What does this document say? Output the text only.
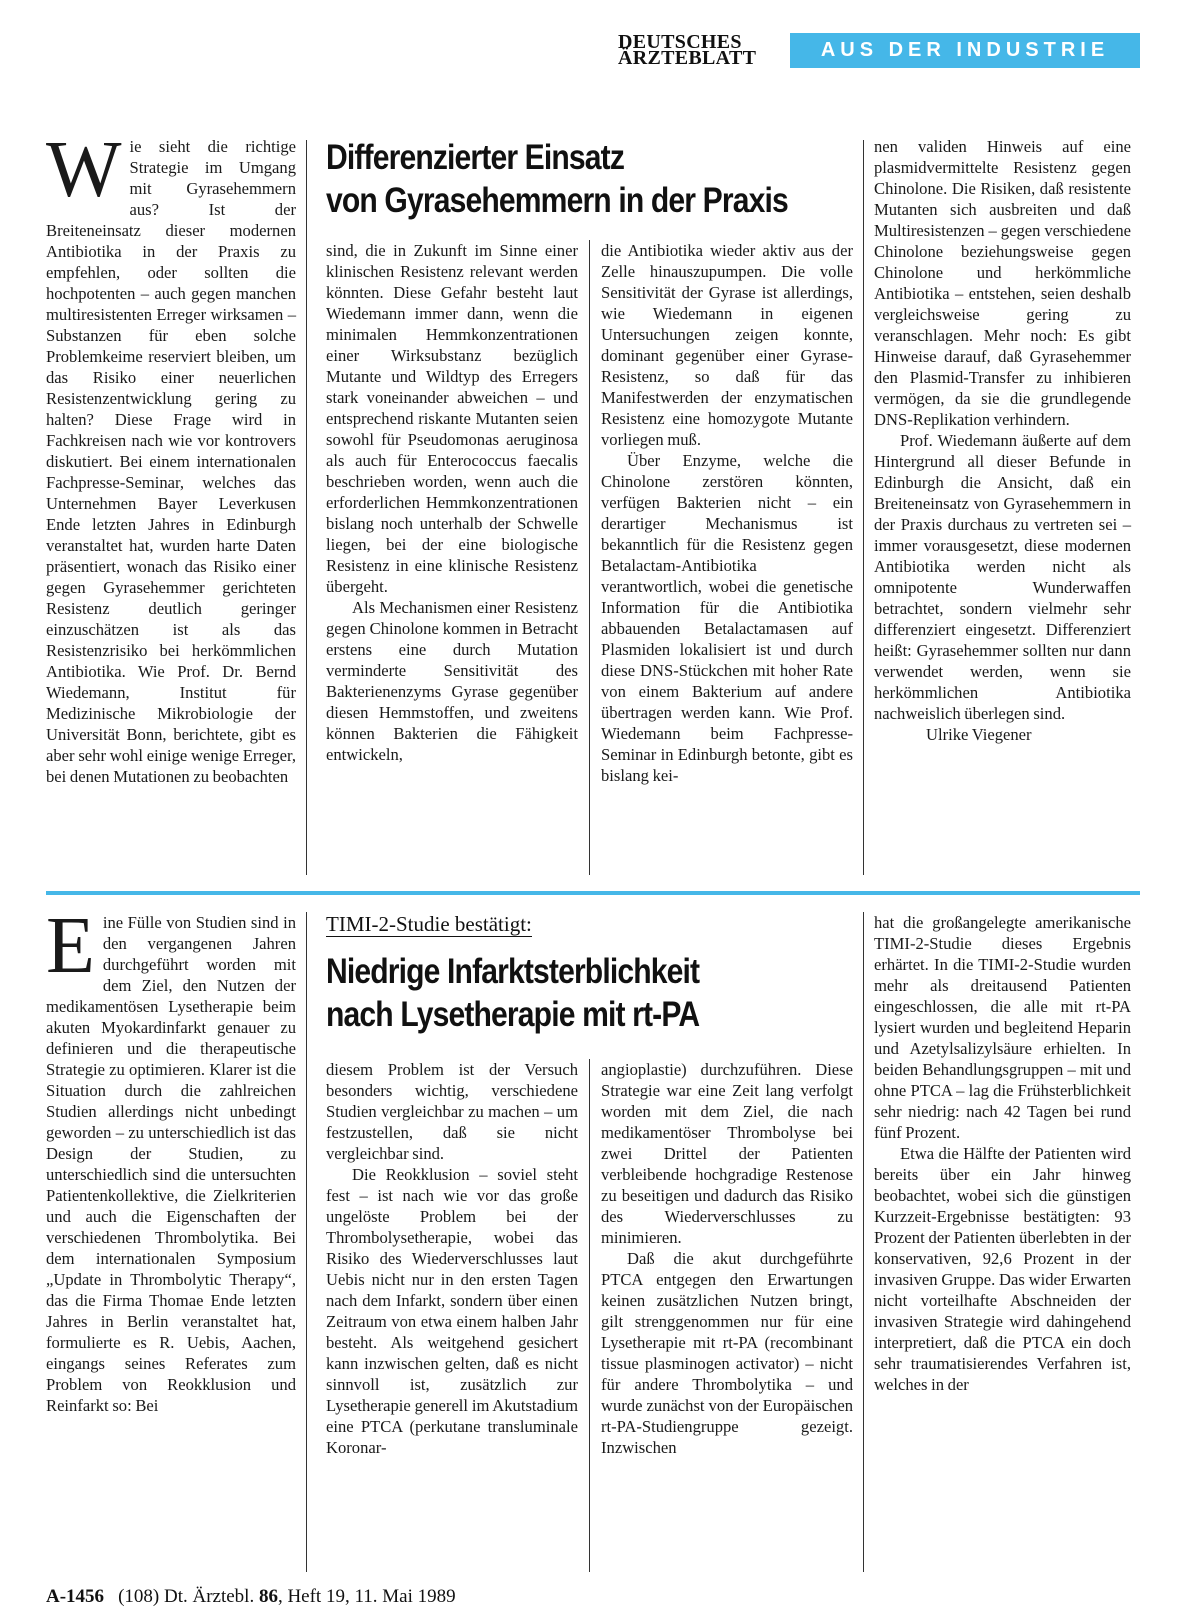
DEUTSCHES
ÄRZTEBLATT	AUS DER INDUSTRIE
Wie sieht die richtige Strategie im Umgang mit Gyrasehemmern aus? Ist der Breiteneinsatz dieser modernen Antibiotika in der Praxis zu empfehlen, oder sollten die hochpotenten – auch gegen manchen multiresistenten Erreger wirksamen – Substanzen für eben solche Problemkeime reserviert bleiben, um das Risiko einer neuerlichen Resistenzentwicklung gering zu halten? Diese Frage wird in Fachkreisen nach wie vor kontrovers diskutiert. Bei einem internationalen Fachpresse-Seminar, welches das Unternehmen Bayer Leverkusen Ende letzten Jahres in Edinburgh veranstaltet hat, wurden harte Daten präsentiert, wonach das Risiko einer gegen Gyrasehemmer gerichteten Resistenz deutlich geringer einzuschätzen ist als das Resistenzrisiko bei herkömmlichen Antibiotika. Wie Prof. Dr. Bernd Wiedemann, Institut für Medizinische Mikrobiologie der Universität Bonn, berichtete, gibt es aber sehr wohl einige wenige Erreger, bei denen Mutationen zu beobachten
Differenzierter Einsatz
von Gyrasehemmern in der Praxis

sind, die in Zukunft im Sinne einer klinischen Resistenz relevant werden könnten. Diese Gefahr besteht laut Wiedemann immer dann, wenn die minimalen Hemmkonzentrationen einer Wirksubstanz bezüglich Mutante und Wildtyp des Erregers stark voneinander abweichen – und entsprechend riskante Mutanten seien sowohl für Pseudomonas aeruginosa als auch für Enterococcus faecalis beschrieben worden, wenn auch die erforderlichen Hemmkonzentrationen bislang noch unterhalb der Schwelle liegen, bei der eine biologische Resistenz in eine klinische Resistenz übergeht.

Als Mechanismen einer Resistenz gegen Chinolone kommen in Betracht erstens eine durch Mutation verminderte Sensitivität des Bakterienenzyms Gyrase gegenüber diesen Hemmstoffen, und zweitens können Bakterien die Fähigkeit entwickeln,

die Antibiotika wieder aktiv aus der Zelle hinauszupumpen. Die volle Sensitivität der Gyrase ist allerdings, wie Wiedemann in eigenen Untersuchungen zeigen konnte, dominant gegenüber einer Gyrase-Resistenz, so daß für das Manifestwerden der enzymatischen Resistenz eine homozygote Mutante vorliegen muß.

Über Enzyme, welche die Chinolone zerstören könnten, verfügen Bakterien nicht – ein derartiger Mechanismus ist bekanntlich für die Resistenz gegen Betalactam-Antibiotika verantwortlich, wobei die genetische Information für die Antibiotika abbauenden Betalactamasen auf Plasmiden lokalisiert ist und durch diese DNS-Stückchen mit hoher Rate von einem Bakterium auf andere übertragen werden kann. Wie Prof. Wiedemann beim Fachpresse-Seminar in Edinburgh betonte, gibt es bislang kei-

nen validen Hinweis auf eine plasmidvermittelte Resistenz gegen Chinolone. Die Risiken, daß resistente Mutanten sich ausbreiten und daß Multiresistenzen – gegen verschiedene Chinolone beziehungsweise gegen Chinolone und herkömmliche Antibiotika – entstehen, seien deshalb vergleichsweise gering zu veranschlagen. Mehr noch: Es gibt Hinweise darauf, daß Gyrasehemmer den Plasmid-Transfer zu inhibieren vermögen, da sie die grundlegende DNS-Replikation verhindern.

Prof. Wiedemann äußerte auf dem Hintergrund all dieser Befunde in Edinburgh die Ansicht, daß ein Breiteneinsatz von Gyrasehemmern in der Praxis durchaus zu vertreten sei – immer vorausgesetzt, diese modernen Antibiotika werden nicht als omnipotente Wunderwaffen betrachtet, sondern vielmehr sehr differenziert eingesetzt. Differenziert heißt: Gyrasehemmer sollten nur dann verwendet werden, wenn sie herkömmlichen Antibiotika nachweislich überlegen sind.

Ulrike Viegener

Eine Fülle von Studien sind in den vergangenen Jahren durchgeführt worden mit dem Ziel, den Nutzen der medikamentösen Lysetherapie beim akuten Myokardinfarkt genauer zu definieren und die therapeutische Strategie zu optimieren. Klarer ist die Situation durch die zahlreichen Studien allerdings nicht unbedingt geworden – zu unterschiedlich ist das Design der Studien, zu unterschiedlich sind die untersuchten Patientenkollektive, die Zielkriterien und auch die Eigenschaften der verschiedenen Thrombolytika. Bei dem internationalen Symposium „Update in Thrombolytic Therapy“, das die Firma Thomae Ende letzten Jahres in Berlin veranstaltet hat, formulierte es R. Uebis, Aachen, eingangs seines Referates zum Problem von Reokklusion und Reinfarkt so: Bei
TIMI-2-Studie bestätigt:
Niedrige Infarktsterblichkeit
nach Lysetherapie mit rt-PA

diesem Problem ist der Versuch besonders wichtig, verschiedene Studien vergleichbar zu machen – um festzustellen, daß sie nicht vergleichbar sind.

Die Reokklusion – soviel steht fest – ist nach wie vor das große ungelöste Problem bei der Thrombolysetherapie, wobei das Risiko des Wiederverschlusses laut Uebis nicht nur in den ersten Tagen nach dem Infarkt, sondern über einen Zeitraum von etwa einem halben Jahr besteht. Als weitgehend gesichert kann inzwischen gelten, daß es nicht sinnvoll ist, zusätzlich zur Lysetherapie generell im Akutstadium eine PTCA (perkutane transluminale Koronar-

angioplastie) durchzuführen. Diese Strategie war eine Zeit lang verfolgt worden mit dem Ziel, die nach medikamentöser Thrombolyse bei zwei Drittel der Patienten verbleibende hochgradige Restenose zu beseitigen und dadurch das Risiko des Wiederverschlusses zu minimieren.

Daß die akut durchgeführte PTCA entgegen den Erwartungen keinen zusätzlichen Nutzen bringt, gilt strenggenommen nur für eine Lysetherapie mit rt-PA (recombinant tissue plasminogen activator) – nicht für andere Thrombolytika – und wurde zunächst von der Europäischen rt-PA-Studiengruppe gezeigt. Inzwischen

hat die großangelegte amerikanische TIMI-2-Studie dieses Ergebnis erhärtet. In die TIMI-2-Studie wurden mehr als dreitausend Patienten eingeschlossen, die alle mit rt-PA lysiert wurden und begleitend Heparin und Azetylsalizylsäure erhielten. In beiden Behandlungsgruppen – mit und ohne PTCA – lag die Frühsterblichkeit sehr niedrig: nach 42 Tagen bei rund fünf Prozent.

Etwa die Hälfte der Patienten wird bereits über ein Jahr hinweg beobachtet, wobei sich die günstigen Kurzzeit-Ergebnisse bestätigten: 93 Prozent der Patienten überlebten in der konservativen, 92,6 Prozent in der invasiven Gruppe. Das wider Erwarten nicht vorteilhafte Abschneiden der invasiven Strategie wird dahingehend interpretiert, daß die PTCA ein doch sehr traumatisierendes Verfahren ist, welches in der

A-1456 (108) Dt. Ärztebl. 86, Heft 19, 11. Mai 1989
